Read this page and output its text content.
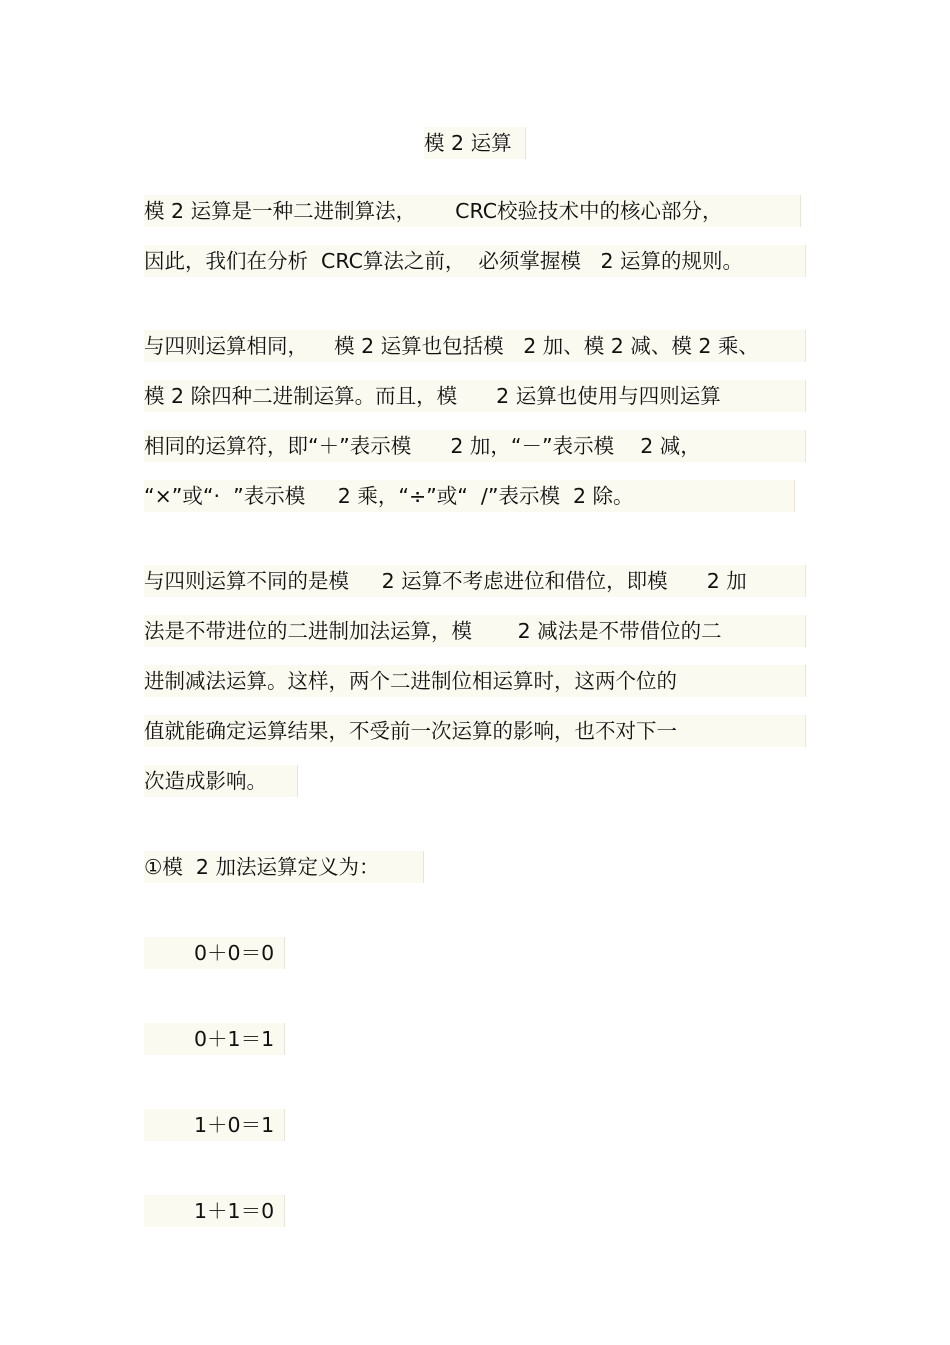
模 2 运算
模 2 运算是一种二进制算法，      CRC校验技术中的核心部分，
因此，我们在分析  CRC算法之前，  必须掌握模   2 运算的规则。
与四则运算相同，    模 2 运算也包括模   2 加、模 2 减、模 2 乘、
模 2 除四种二进制运算。而且，模      2 运算也使用与四则运算
相同的运算符，即“＋”表示模      2 加，“－”表示模    2 减，
“×”或“·  ”表示模     2 乘，“÷”或“  /”表示模  2 除。
与四则运算不同的是模     2 运算不考虑进位和借位，即模      2 加
法是不带进位的二进制加法运算，模       2 减法是不带借位的二
进制减法运算。这样，两个二进制位相运算时，这两个位的
值就能确定运算结果，不受前一次运算的影响，也不对下一
次造成影响。
①模  2 加法运算定义为：
0＋0＝0
0＋1＝1
1＋0＝1
1＋1＝0
